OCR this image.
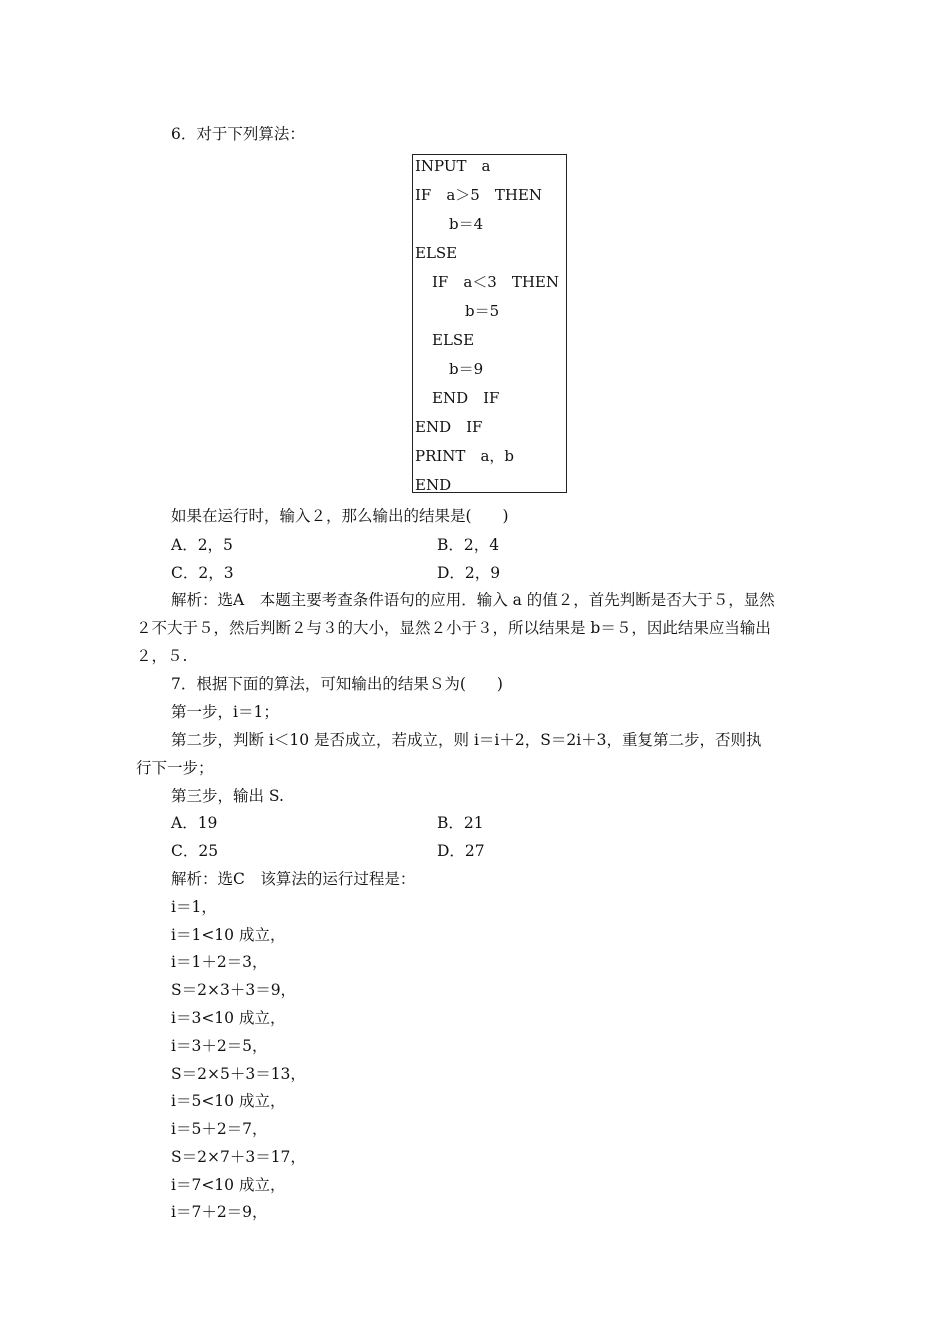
6．对于下列算法：
INPUT　a
IF　a＞5　THEN
b＝4
ELSE
IF　a＜3　THEN
b＝5
ELSE
b＝9
END　IF
END　IF
PRINT　a，b
END
如果在运行时，输入２，那么输出的结果是(　　)
A．2，5	B．2，4
C．2，3	D．2，9
解析：选A　本题主要考查条件语句的应用．输入 a 的值２，首先判断是否大于５，显然
２不大于５，然后判断２与３的大小，显然２小于３，所以结果是 b＝５，因此结果应当输出
２，５.
7．根据下面的算法，可知输出的结果Ｓ为(　　)
第一步，i＝1；
第二步，判断 i＜10 是否成立，若成立，则 i＝i＋2，S＝2i＋3，重复第二步，否则执
行下一步；
第三步，输出 S.
A．19	B．21
C．25	D．27
解析：选C　该算法的运行过程是：
i＝1，
i＝1<10 成立，
i＝1＋2＝3，
S＝2×3＋3＝9，
i＝3<10 成立，
i＝3＋2＝5，
S＝2×5＋3＝13，
i＝5<10 成立，
i＝5＋2＝7，
S＝2×7＋3＝17，
i＝7<10 成立，
i＝7＋2＝9，
